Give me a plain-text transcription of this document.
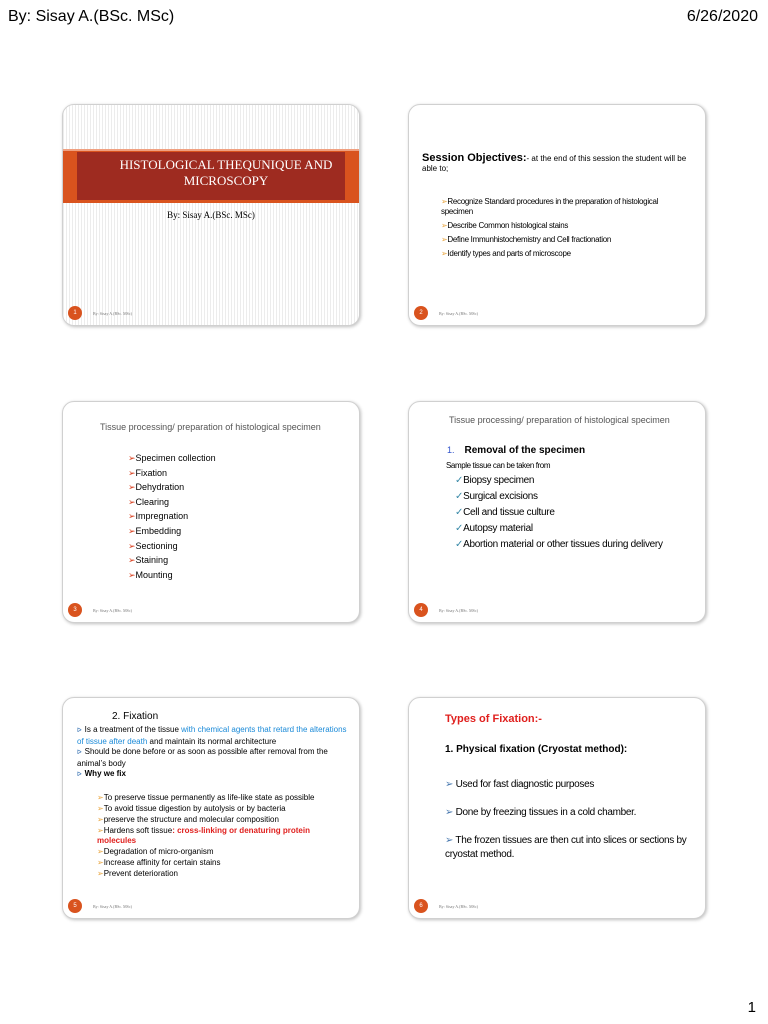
By: Sisay A.(BSc. MSc)	6/26/2020
HISTOLOGICAL THEQUNIQUE AND
MICROSCOPY
By: Sisay A.(BSc. MSc)
1	By: Sisay A.(BSc. MSc)
Session Objectives:- at the end of this session the student will be able to;
➢Recognize Standard procedures in the preparation of histological specimen
➢Describe Common histological stains
➢Define Immunhistochemistry and Cell fractionation
➢Identify types and parts of microscope
2	By: Sisay A.(BSc. MSc)
Tissue processing/ preparation of histological specimen
➢Specimen collection
➢Fixation
➢Dehydration
➢Clearing
➢Impregnation
➢Embedding
➢Sectioning
➢Staining
➢Mounting
3	By: Sisay A.(BSc. MSc)
Tissue processing/ preparation of histological specimen
1. Removal of the specimen
Sample tissue can be taken from
✓Biopsy specimen
✓Surgical excisions
✓Cell and tissue culture
✓Autopsy material
✓Abortion material or other tissues during delivery
4	By: Sisay A.(BSc. MSc)
2. Fixation
ᐅ Is a treatment of the tissue with chemical agents that retard the alterations of tissue after death and maintain its normal architecture
ᐅ Should be done before or as soon as possible after removal from the animal’s body
ᐅ Why we fix
➢To preserve tissue permanently as life-like state as possible
➢To avoid tissue digestion by autolysis or by bacteria
➢preserve the structure and molecular composition
➢Hardens soft tissue: cross-linking or denaturing protein molecules
➢Degradation of micro-organism
➢Increase affinity for certain stains
➢Prevent deterioration
5	By: Sisay A.(BSc. MSc)
Types of Fixation:-
1. Physical fixation (Cryostat method):
➢ Used for fast diagnostic purposes
➢ Done by freezing tissues in a cold chamber.
➢ The frozen tissues are then cut into slices or sections by cryostat method.
6	By: Sisay A.(BSc. MSc)
1
